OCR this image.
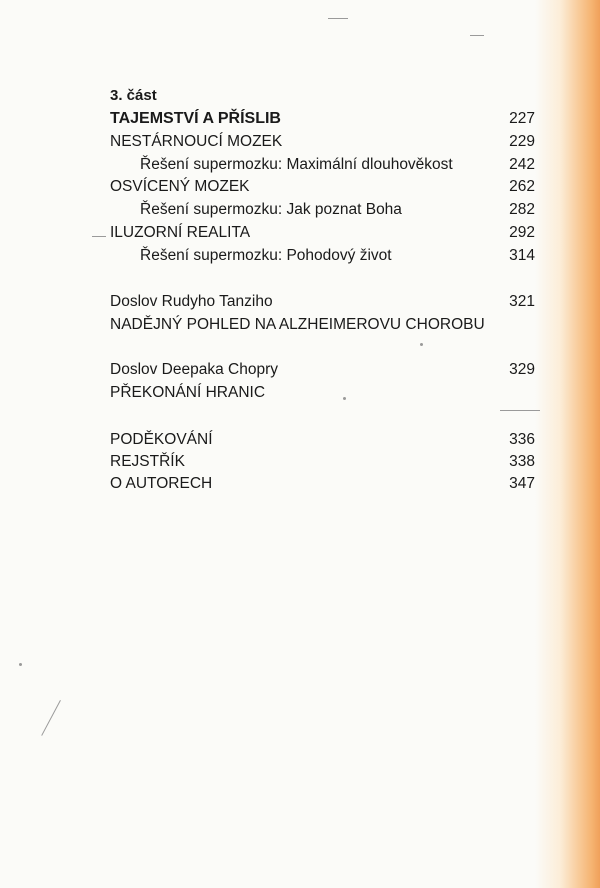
3. část
TAJEMSTVÍ A PŘÍSLIB	227
NESTÁRNOUCÍ MOZEK	229
Řešení supermozku: Maximální dlouhověkost	242
OSVÍCENÝ MOZEK	262
Řešení supermozku: Jak poznat Boha	282
ILUZORNÍ REALITA	292
Řešení supermozku: Pohodový život	314
Doslov Rudyho Tanziho	321
NADĚJNÝ POHLED NA ALZHEIMEROVU CHOROBU
Doslov Deepaka Chopry	329
PŘEKONÁNÍ HRANIC
PODĚKOVÁNÍ	336
REJSTŘÍK	338
O AUTORECH	347
